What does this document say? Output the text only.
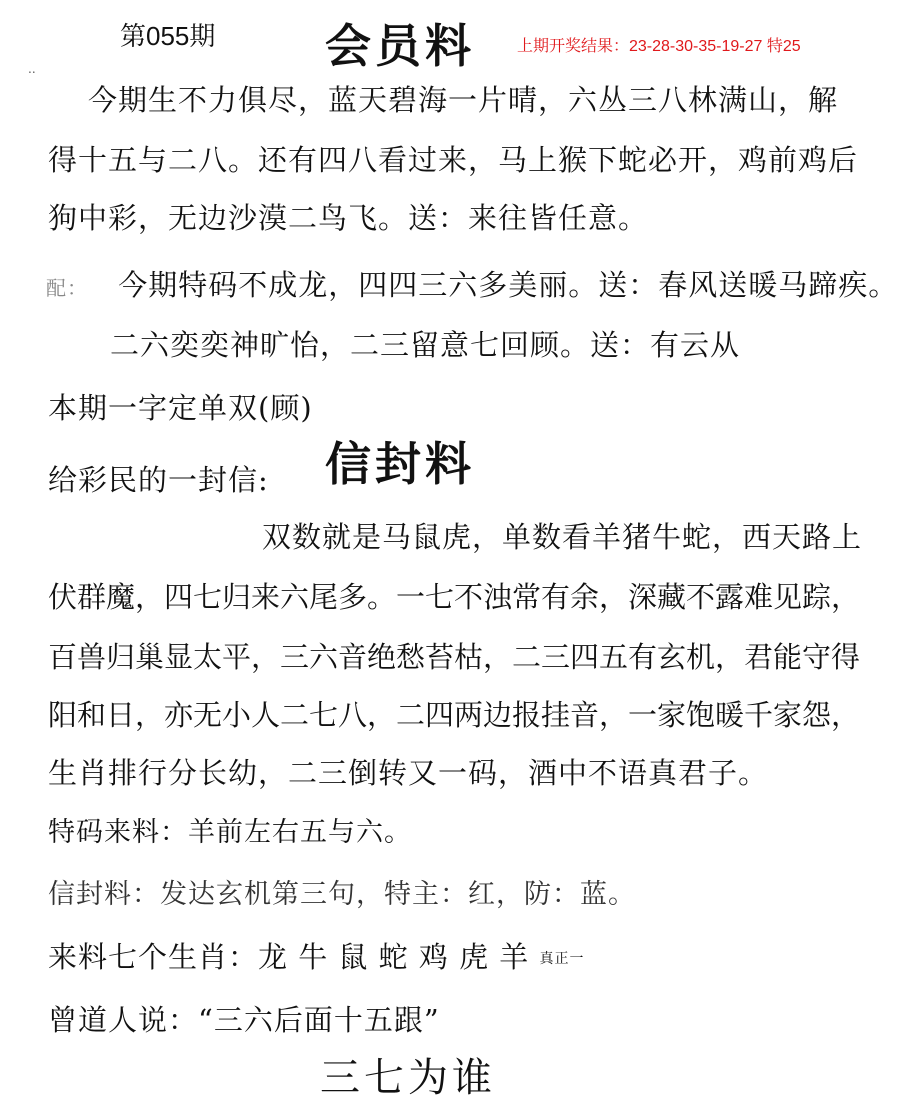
第055期 会员料	上期开奖结果：23-28-30-35-19-27 特25
..
今期生不力俱尽，蓝天碧海一片晴，六丛三八林满山，解
得十五与二八。还有四八看过来，马上猴下蛇必开，鸡前鸡后
狗中彩，无边沙漠二鸟飞。送：来往皆任意。
配： 今期特码不成龙，四四三六多美丽。送：春风送暖马蹄疾。
二六奕奕神旷怡，二三留意七回顾。送：有云从
本期一字定单双(顾)
信封料
给彩民的一封信:
双数就是马鼠虎，单数看羊猪牛蛇，西天路上
伏群魔，四七归来六尾多。一七不浊常有余，深藏不露难见踪，
百兽归巢显太平，三六音绝愁苔枯，二三四五有玄机，君能守得
阳和日，亦无小人二七八，二四两边报挂音，一家饱暖千家怨，
生肖排行分长幼，二三倒转又一码，酒中不语真君子。
特码来料：羊前左右五与六。
信封料：发达玄机第三句，特主：红，防：蓝。
来料七个生肖：龙 牛 鼠 蛇 鸡 虎 羊 真正一
曾道人说：“三六后面十五跟”
三七为谁
